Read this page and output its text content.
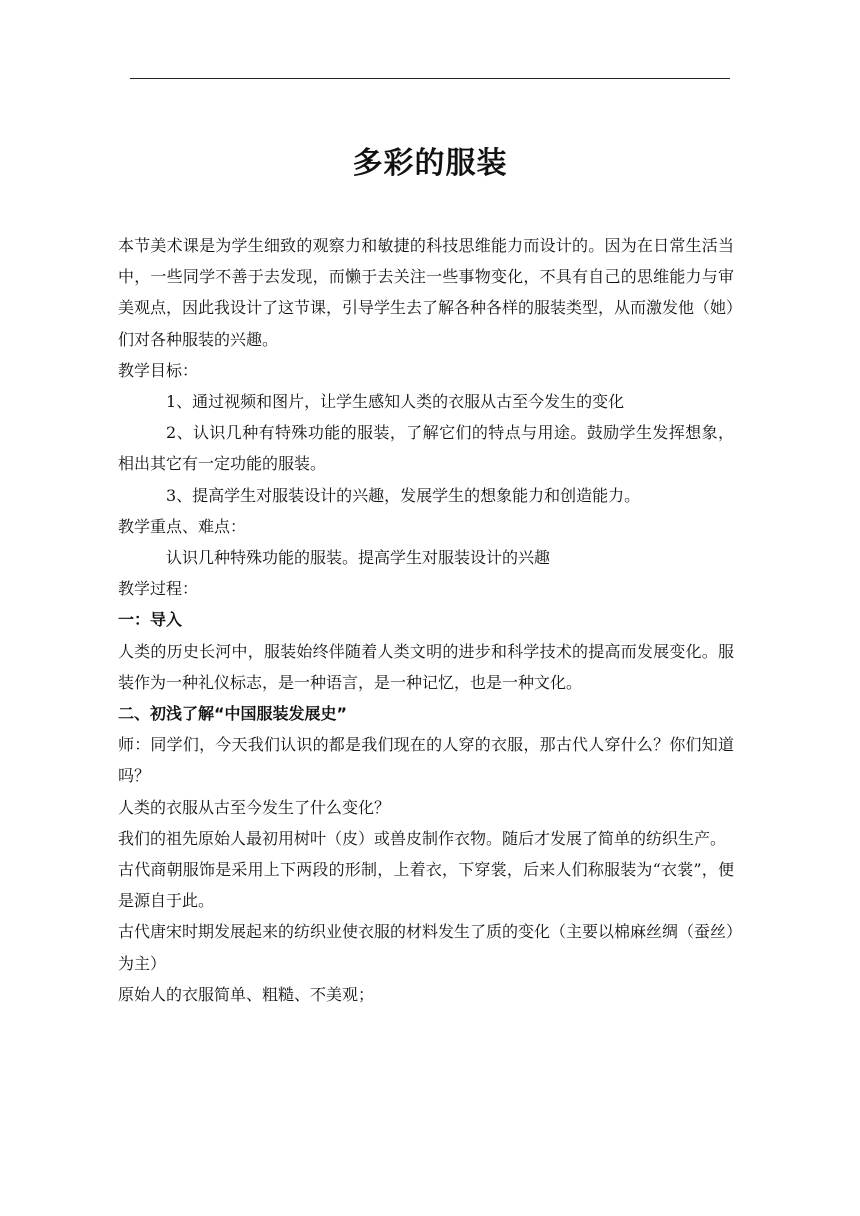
多彩的服装

本节美术课是为学生细致的观察力和敏捷的科技思维能力而设计的。因为在日常生活当中，一些同学不善于去发现，而懒于去关注一些事物变化，不具有自己的思维能力与审美观点，因此我设计了这节课，引导学生去了解各种各样的服装类型，从而激发他（她）们对各种服装的兴趣。

教学目标：

1、通过视频和图片，让学生感知人类的衣服从古至今发生的变化

2、认识几种有特殊功能的服装，了解它们的特点与用途。鼓励学生发挥想象，相出其它有一定功能的服装。

3、提高学生对服装设计的兴趣，发展学生的想象能力和创造能力。

教学重点、难点：

认识几种特殊功能的服装。提高学生对服装设计的兴趣

教学过程：

一：导入

人类的历史长河中，服装始终伴随着人类文明的进步和科学技术的提高而发展变化。服装作为一种礼仪标志，是一种语言，是一种记忆，也是一种文化。

二、初浅了解“中国服装发展史”

师：同学们，今天我们认识的都是我们现在的人穿的衣服，那古代人穿什么？你们知道吗？

人类的衣服从古至今发生了什么变化？

我们的祖先原始人最初用树叶（皮）或兽皮制作衣物。随后才发展了简单的纺织生产。

古代商朝服饰是采用上下两段的形制，上着衣，下穿裳，后来人们称服装为“衣裳”，便是源自于此。

古代唐宋时期发展起来的纺织业使衣服的材料发生了质的变化（主要以棉麻丝绸（蚕丝）为主）

原始人的衣服简单、粗糙、不美观；
